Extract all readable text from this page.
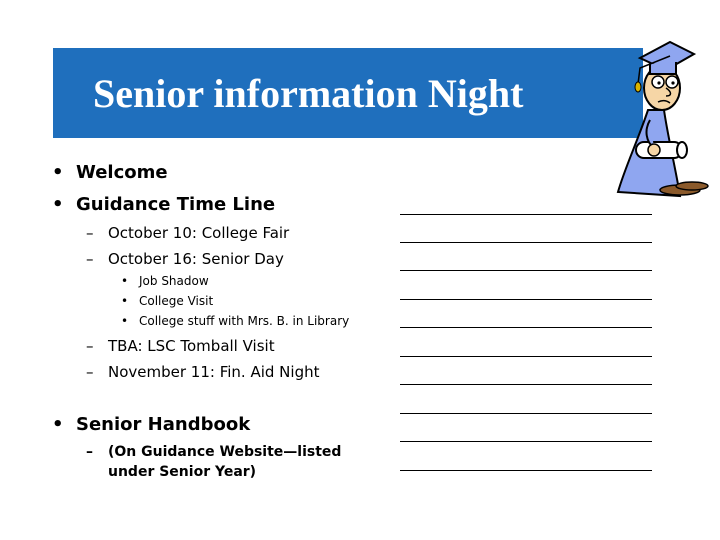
Senior information Night
• Welcome
• Guidance Time Line
– October 10: College Fair
– October 16: Senior Day
• Job Shadow
• College Visit
• College stuff with Mrs. B. in Library
– TBA: LSC Tomball Visit
– November 11: Fin. Aid Night
• Senior Handbook
– (On Guidance Website—listed under Senior Year)
